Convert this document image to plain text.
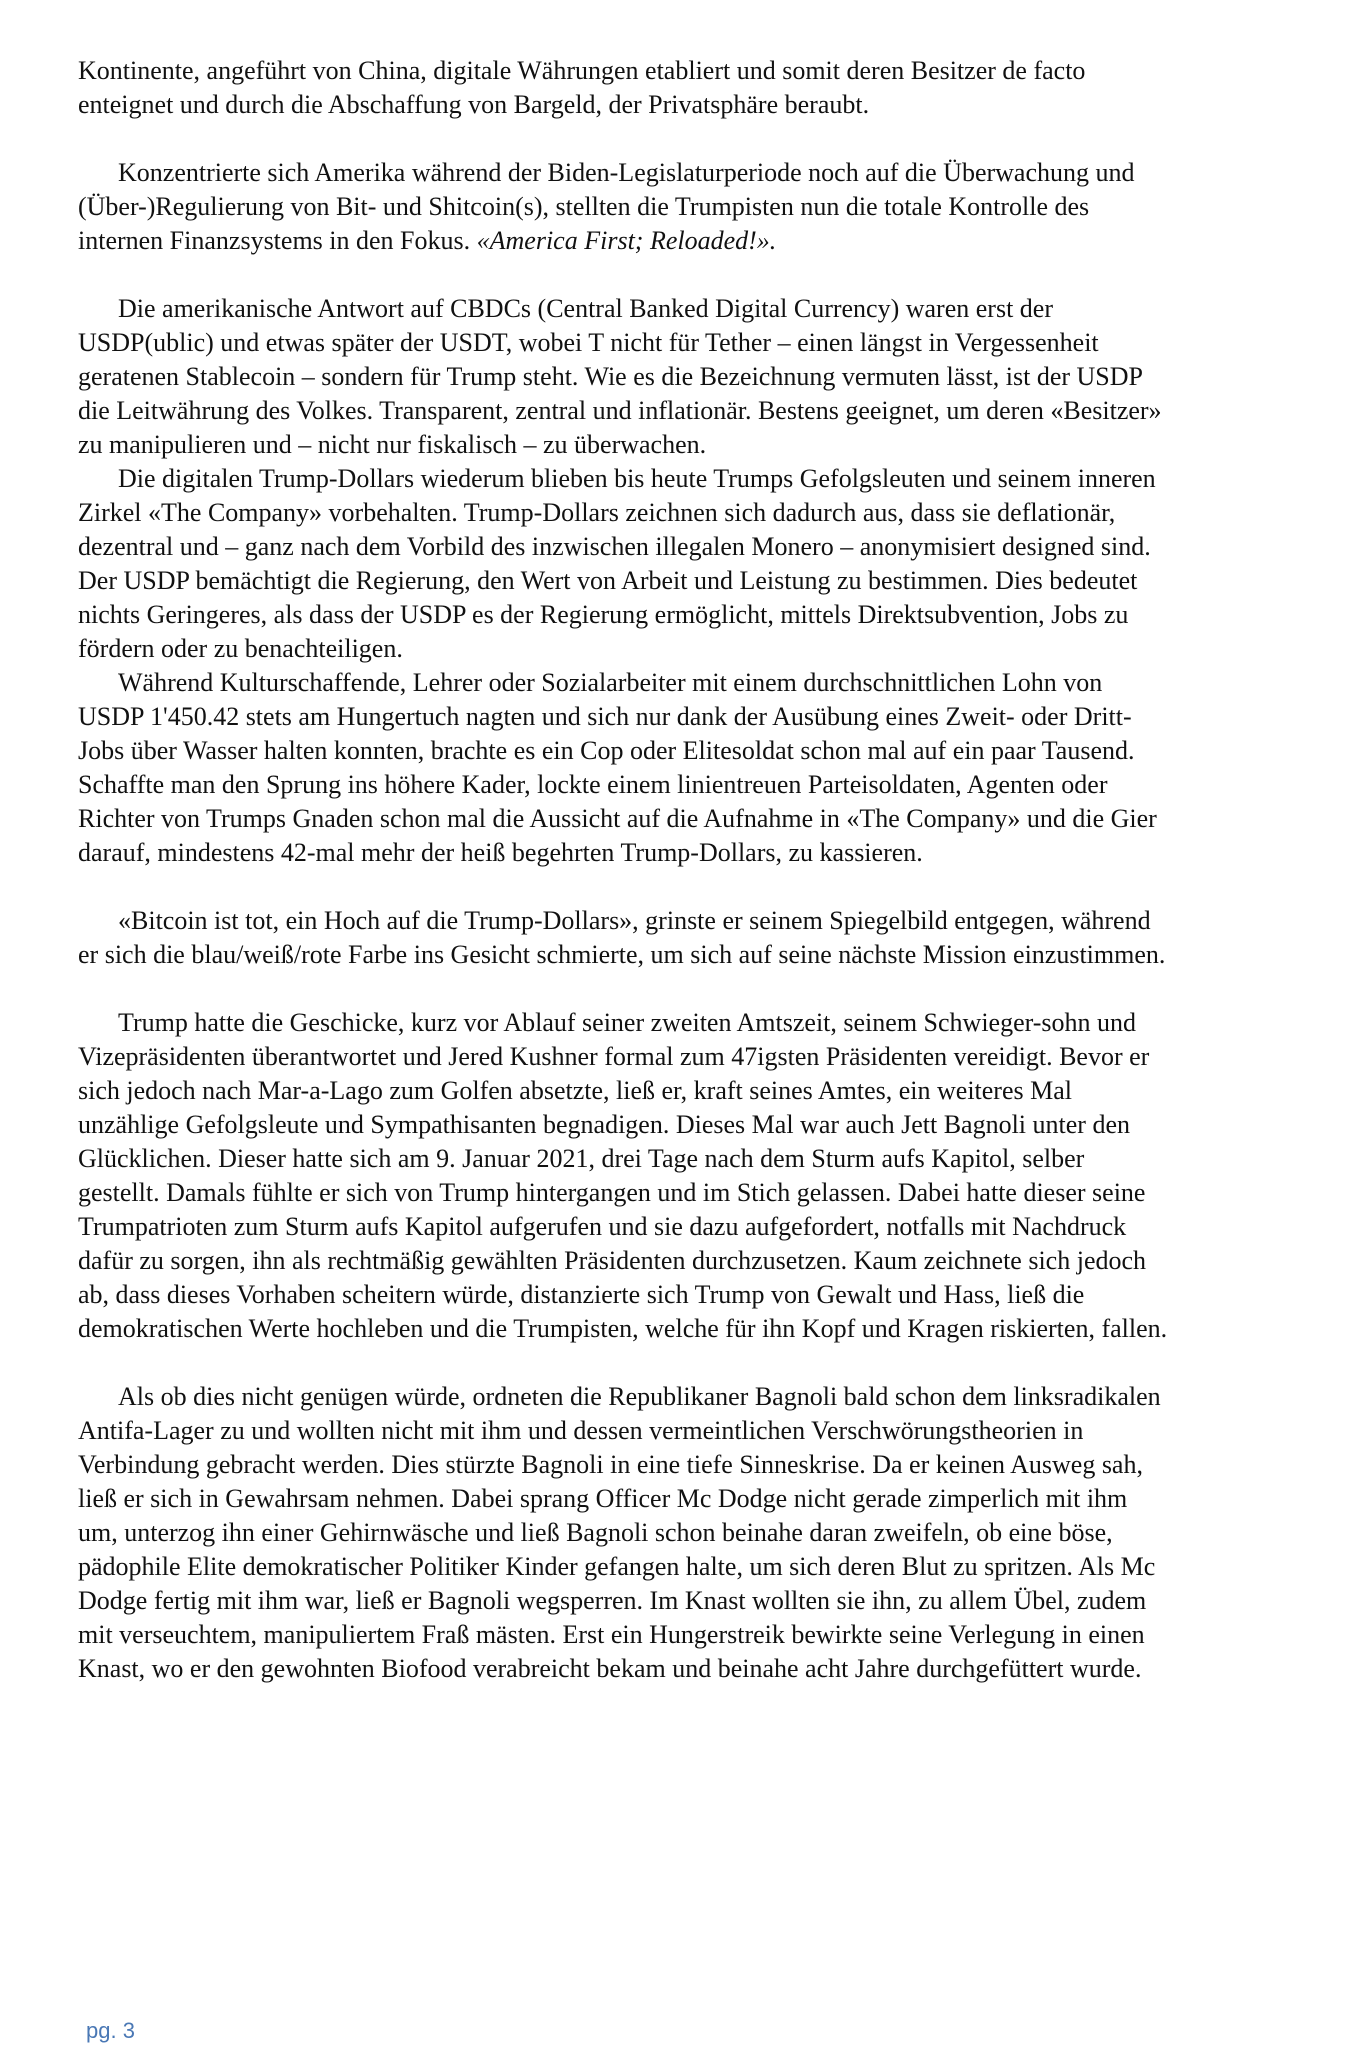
Kontinente, angeführt von China, digitale Währungen etabliert und somit deren Besitzer de facto enteignet und durch die Abschaffung von Bargeld, der Privatsphäre beraubt.

Konzentrierte sich Amerika während der Biden-Legislaturperiode noch auf die Überwachung und (Über-)Regulierung von Bit- und Shitcoin(s), stellten die Trumpisten nun die totale Kontrolle des internen Finanzsystems in den Fokus. «America First; Reloaded!».

Die amerikanische Antwort auf CBDCs (Central Banked Digital Currency) waren erst der USDP(ublic) und etwas später der USDT, wobei T nicht für Tether – einen längst in Vergessenheit geratenen Stablecoin – sondern für Trump steht. Wie es die Bezeichnung vermuten lässt, ist der USDP die Leitwährung des Volkes. Transparent, zentral und inflationär. Bestens geeignet, um deren «Besitzer» zu manipulieren und – nicht nur fiskalisch – zu überwachen.

Die digitalen Trump-Dollars wiederum blieben bis heute Trumps Gefolgsleuten und seinem inneren Zirkel «The Company» vorbehalten. Trump-Dollars zeichnen sich dadurch aus, dass sie deflationär, dezentral und – ganz nach dem Vorbild des inzwischen illegalen Monero – anonymisiert designed sind. Der USDP bemächtigt die Regierung, den Wert von Arbeit und Leistung zu bestimmen. Dies bedeutet nichts Geringeres, als dass der USDP es der Regierung ermöglicht, mittels Direktsubvention, Jobs zu fördern oder zu benachteiligen.

Während Kulturschaffende, Lehrer oder Sozialarbeiter mit einem durchschnittlichen Lohn von USDP 1'450.42 stets am Hungertuch nagten und sich nur dank der Ausübung eines Zweit- oder Dritt-Jobs über Wasser halten konnten, brachte es ein Cop oder Elitesoldat schon mal auf ein paar Tausend. Schaffte man den Sprung ins höhere Kader, lockte einem linientreuen Parteisoldaten, Agenten oder Richter von Trumps Gnaden schon mal die Aussicht auf die Aufnahme in «The Company» und die Gier darauf, mindestens 42-mal mehr der heiß begehrten Trump-Dollars, zu kassieren.

«Bitcoin ist tot, ein Hoch auf die Trump-Dollars», grinste er seinem Spiegelbild entgegen, während er sich die blau/weiß/rote Farbe ins Gesicht schmierte, um sich auf seine nächste Mission einzustimmen.

Trump hatte die Geschicke, kurz vor Ablauf seiner zweiten Amtszeit, seinem Schwieger-sohn und Vizepräsidenten überantwortet und Jered Kushner formal zum 47igsten Präsidenten vereidigt. Bevor er sich jedoch nach Mar-a-Lago zum Golfen absetzte, ließ er, kraft seines Amtes, ein weiteres Mal unzählige Gefolgsleute und Sympathisanten begnadigen. Dieses Mal war auch Jett Bagnoli unter den Glücklichen. Dieser hatte sich am 9. Januar 2021, drei Tage nach dem Sturm aufs Kapitol, selber gestellt. Damals fühlte er sich von Trump hintergangen und im Stich gelassen. Dabei hatte dieser seine Trumpatrioten zum Sturm aufs Kapitol aufgerufen und sie dazu aufgefordert, notfalls mit Nachdruck dafür zu sorgen, ihn als rechtmäßig gewählten Präsidenten durchzusetzen. Kaum zeichnete sich jedoch ab, dass dieses Vorhaben scheitern würde, distanzierte sich Trump von Gewalt und Hass, ließ die demokratischen Werte hochleben und die Trumpisten, welche für ihn Kopf und Kragen riskierten, fallen.

Als ob dies nicht genügen würde, ordneten die Republikaner Bagnoli bald schon dem linksradikalen Antifa-Lager zu und wollten nicht mit ihm und dessen vermeintlichen Verschwörungstheorien in Verbindung gebracht werden. Dies stürzte Bagnoli in eine tiefe Sinneskrise. Da er keinen Ausweg sah, ließ er sich in Gewahrsam nehmen. Dabei sprang Officer Mc Dodge nicht gerade zimperlich mit ihm um, unterzog ihn einer Gehirnwäsche und ließ Bagnoli schon beinahe daran zweifeln, ob eine böse, pädophile Elite demokratischer Politiker Kinder gefangen halte, um sich deren Blut zu spritzen. Als Mc Dodge fertig mit ihm war, ließ er Bagnoli wegsperren. Im Knast wollten sie ihn, zu allem Übel, zudem mit verseuchtem, manipuliertem Fraß mästen. Erst ein Hungerstreik bewirkte seine Verlegung in einen Knast, wo er den gewohnten Biofood verabreicht bekam und beinahe acht Jahre durchgefüttert wurde.

pg. 3
